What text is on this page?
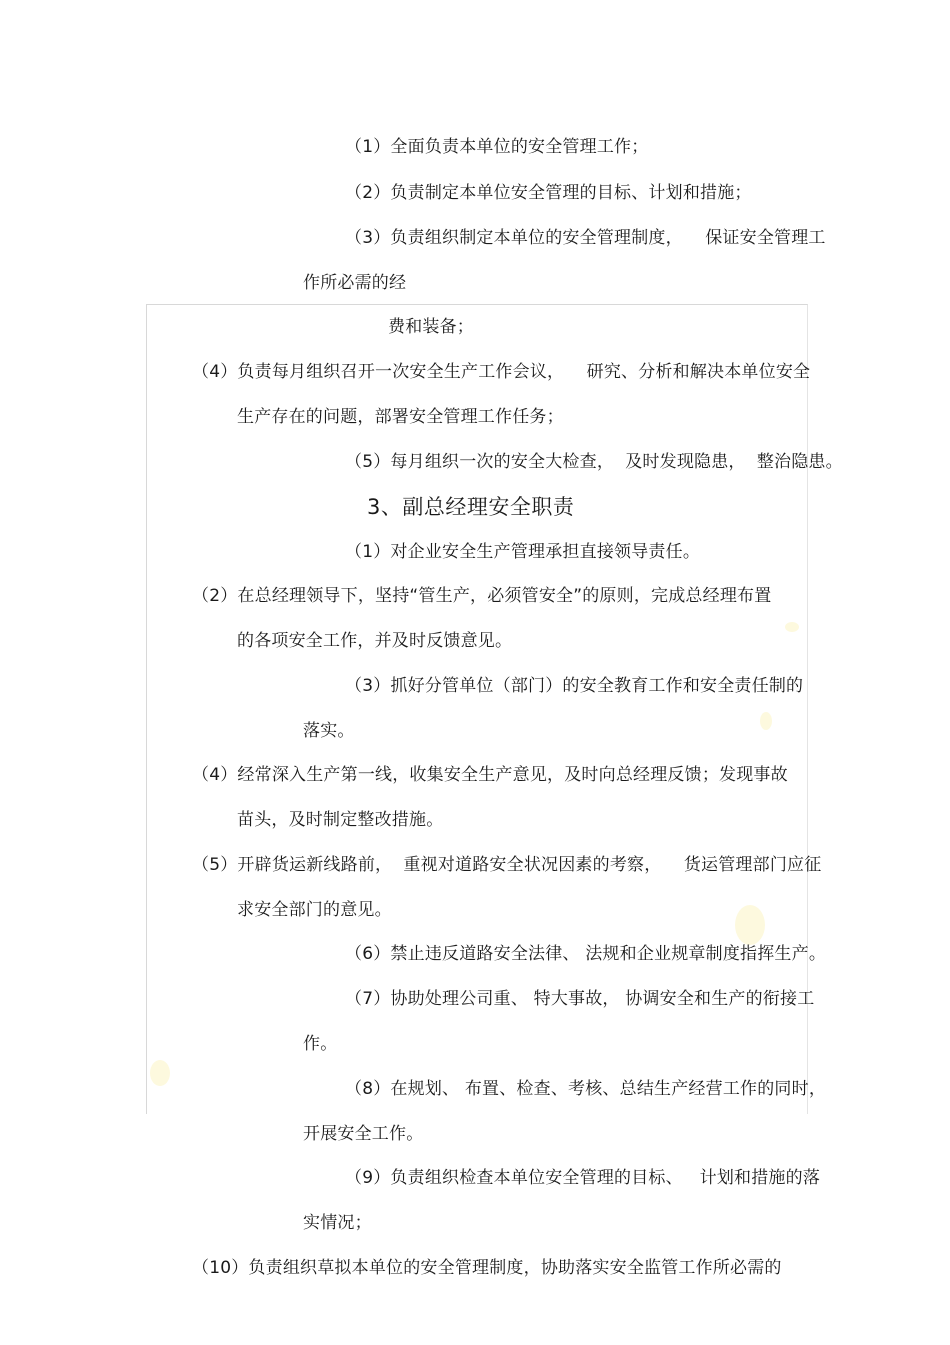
（1）全面负责本单位的安全管理工作；
（2）负责制定本单位安全管理的目标、计划和措施；
（3）负责组织制定本单位的安全管理制度，    保证安全管理工
作所必需的经
费和装备；
（4）负责每月组织召开一次安全生产工作会议，    研究、分析和解决本单位安全
生产存在的问题，部署安全管理工作任务；
（5）每月组织一次的安全大检查，  及时发现隐患，  整治隐患。
3、副总经理安全职责
（1）对企业安全生产管理承担直接领导责任。
（2）在总经理领导下，坚持“管生产，必须管安全”的原则，完成总经理布置
的各项安全工作，并及时反馈意见。
（3）抓好分管单位（部门）的安全教育工作和安全责任制的
落实。
（4）经常深入生产第一线，收集安全生产意见，及时向总经理反馈；发现事故
苗头，及时制定整改措施。
（5）开辟货运新线路前，  重视对道路安全状况因素的考察，    货运管理部门应征
求安全部门的意见。
（6）禁止违反道路安全法律、 法规和企业规章制度指挥生产。
（7）协助处理公司重、 特大事故， 协调安全和生产的衔接工
作。
（8）在规划、 布置、检查、考核、总结生产经营工作的同时，
开展安全工作。
（9）负责组织检查本单位安全管理的目标、   计划和措施的落
实情况；
（10）负责组织草拟本单位的安全管理制度，协助落实安全监管工作所必需的
